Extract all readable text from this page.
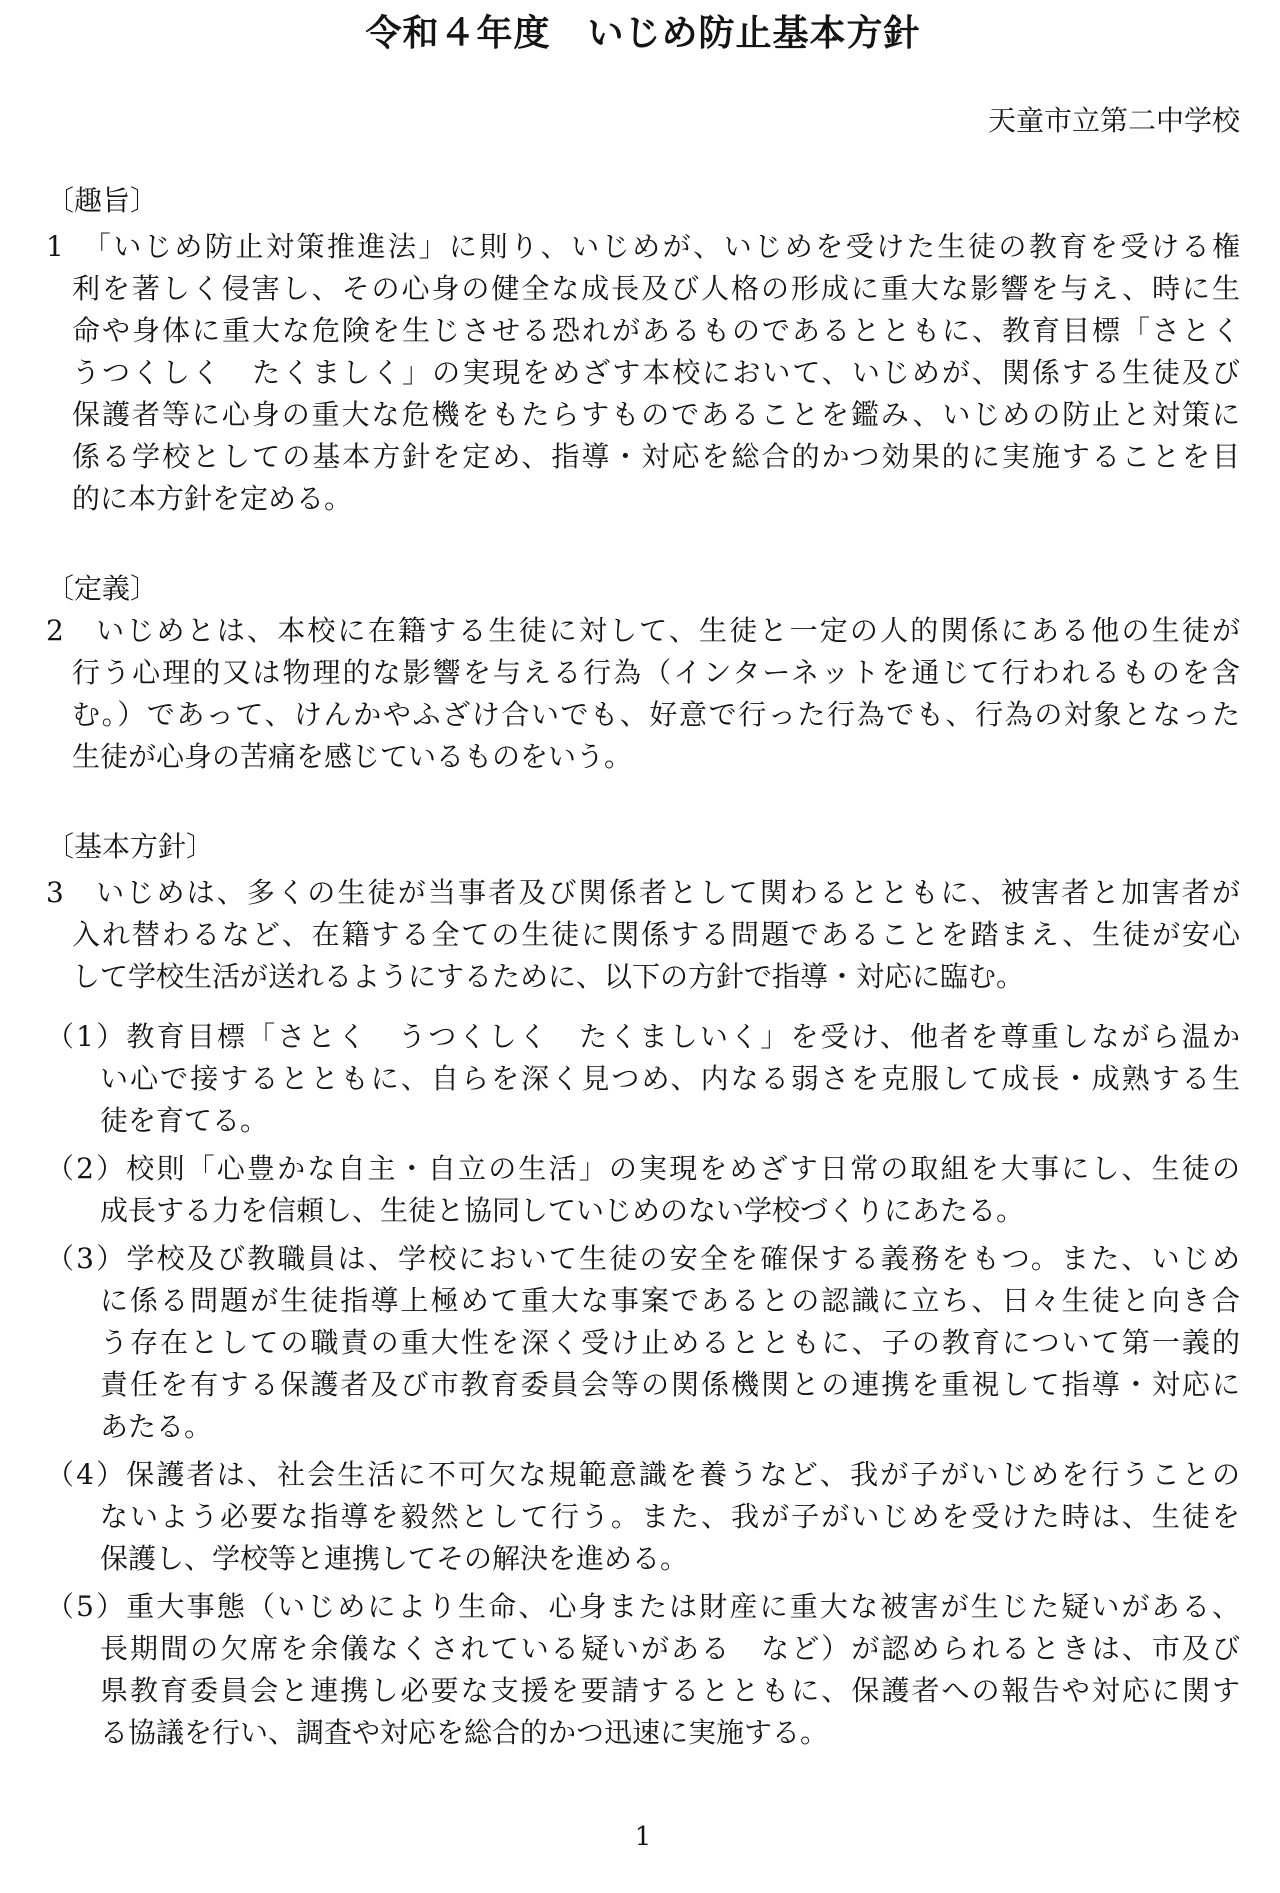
令和４年度　いじめ防止基本方針
天童市立第二中学校
〔趣旨〕
1　「いじめ防止対策推進法」に則り、いじめが、いじめを受けた生徒の教育を受ける権
利を著しく侵害し、その心身の健全な成長及び人格の形成に重大な影響を与え、時に生
命や身体に重大な危険を生じさせる恐れがあるものであるとともに、教育目標「さとく
うつくしく　たくましく」の実現をめざす本校において、いじめが、関係する生徒及び
保護者等に心身の重大な危機をもたらすものであることを鑑み、いじめの防止と対策に
係る学校としての基本方針を定め、指導・対応を総合的かつ効果的に実施することを目
的に本方針を定める。
〔定義〕
2　いじめとは、本校に在籍する生徒に対して、生徒と一定の人的関係にある他の生徒が
行う心理的又は物理的な影響を与える行為（インターネットを通じて行われるものを含
む。）であって、けんかやふざけ合いでも、好意で行った行為でも、行為の対象となった
生徒が心身の苦痛を感じているものをいう。
〔基本方針〕
3　いじめは、多くの生徒が当事者及び関係者として関わるとともに、被害者と加害者が
入れ替わるなど、在籍する全ての生徒に関係する問題であることを踏まえ、生徒が安心
して学校生活が送れるようにするために、以下の方針で指導・対応に臨む。
（1）教育目標「さとく　うつくしく　たくましいく」を受け、他者を尊重しながら温か
い心で接するとともに、自らを深く見つめ、内なる弱さを克服して成長・成熟する生
徒を育てる。
（2）校則「心豊かな自主・自立の生活」の実現をめざす日常の取組を大事にし、生徒の
成長する力を信頼し、生徒と協同していじめのない学校づくりにあたる。
（3）学校及び教職員は、学校において生徒の安全を確保する義務をもつ。また、いじめ
に係る問題が生徒指導上極めて重大な事案であるとの認識に立ち、日々生徒と向き合
う存在としての職責の重大性を深く受け止めるとともに、子の教育について第一義的
責任を有する保護者及び市教育委員会等の関係機関との連携を重視して指導・対応に
あたる。
（4）保護者は、社会生活に不可欠な規範意識を養うなど、我が子がいじめを行うことの
ないよう必要な指導を毅然として行う。また、我が子がいじめを受けた時は、生徒を
保護し、学校等と連携してその解決を進める。
（5）重大事態（いじめにより生命、心身または財産に重大な被害が生じた疑いがある、
長期間の欠席を余儀なくされている疑いがある　など）が認められるときは、市及び
県教育委員会と連携し必要な支援を要請するとともに、保護者への報告や対応に関す
る協議を行い、調査や対応を総合的かつ迅速に実施する。
1
